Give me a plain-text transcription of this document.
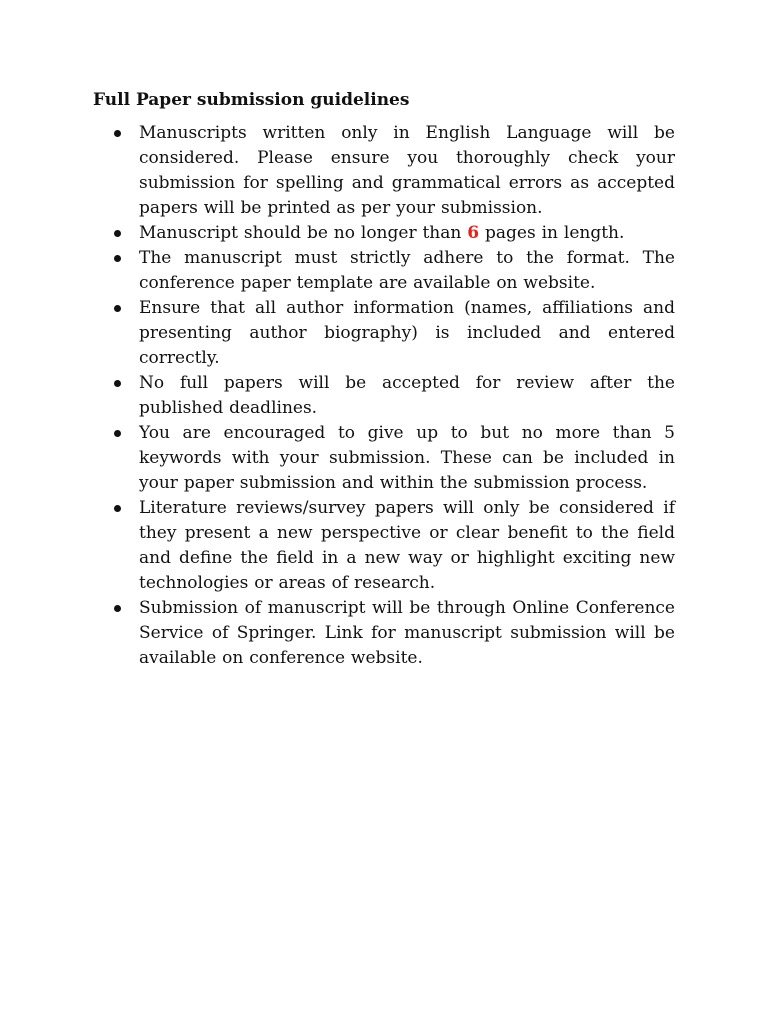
Full Paper submission guidelines
Manuscripts written only in English Language will be considered. Please ensure you thoroughly check your submission for spelling and grammatical errors as accepted papers will be printed as per your submission.
Manuscript should be no longer than 6 pages in length.
The manuscript must strictly adhere to the format. The conference paper template are available on website.
Ensure that all author information (names, affiliations and presenting author biography) is included and entered correctly.
No full papers will be accepted for review after the published deadlines.
You are encouraged to give up to but no more than 5 keywords with your submission. These can be included in your paper submission and within the submission process.
Literature reviews/survey papers will only be considered if they present a new perspective or clear benefit to the field and define the field in a new way or highlight exciting new technologies or areas of research.
Submission of manuscript will be through Online Conference Service of Springer. Link for manuscript submission will be available on conference website.
